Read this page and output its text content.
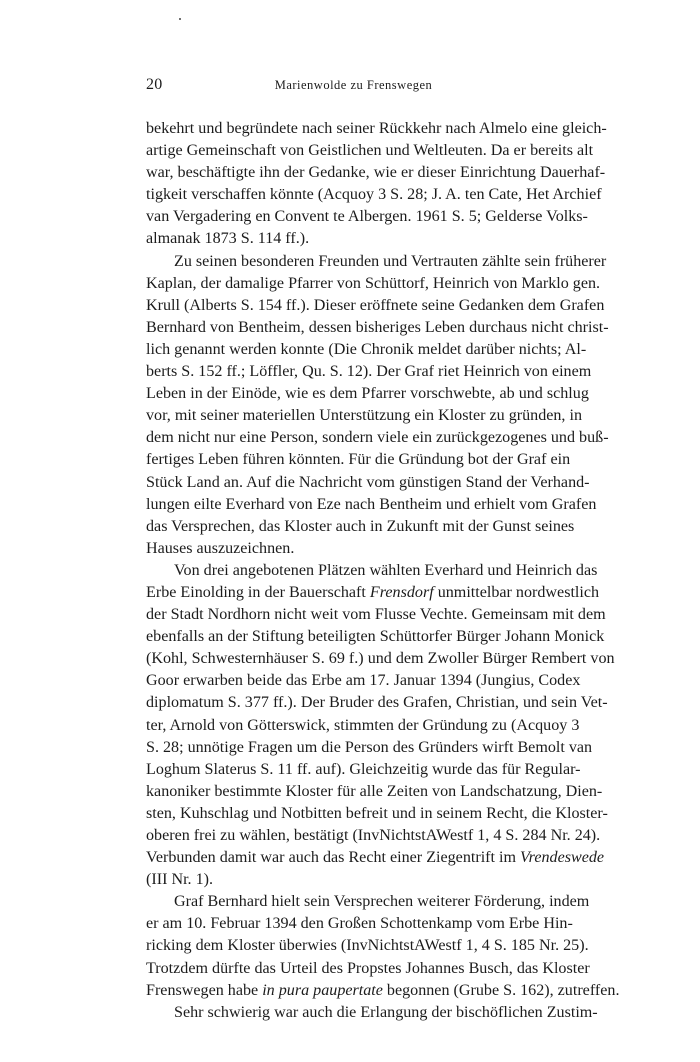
20	Marienwolde zu Frenswegen
bekehrt und begründete nach seiner Rückkehr nach Almelo eine gleich-
artige Gemeinschaft von Geistlichen und Weltleuten. Da er bereits alt
war, beschäftigte ihn der Gedanke, wie er dieser Einrichtung Dauerhaf-
tigkeit verschaffen könnte (Acquoy 3 S. 28; J. A. ten Cate, Het Archief
van Vergadering en Convent te Albergen. 1961 S. 5; Gelderse Volks-
almanak 1873 S. 114 ff.).
Zu seinen besonderen Freunden und Vertrauten zählte sein früherer
Kaplan, der damalige Pfarrer von Schüttorf, Heinrich von Marklo gen.
Krull (Alberts S. 154 ff.). Dieser eröffnete seine Gedanken dem Grafen
Bernhard von Bentheim, dessen bisheriges Leben durchaus nicht christ-
lich genannt werden konnte (Die Chronik meldet darüber nichts; Al-
berts S. 152 ff.; Löffler, Qu. S. 12). Der Graf riet Heinrich von einem
Leben in der Einöde, wie es dem Pfarrer vorschwebte, ab und schlug
vor, mit seiner materiellen Unterstützung ein Kloster zu gründen, in
dem nicht nur eine Person, sondern viele ein zurückgezogenes und buß-
fertiges Leben führen könnten. Für die Gründung bot der Graf ein
Stück Land an. Auf die Nachricht vom günstigen Stand der Verhand-
lungen eilte Everhard von Eze nach Bentheim und erhielt vom Grafen
das Versprechen, das Kloster auch in Zukunft mit der Gunst seines
Hauses auszuzeichnen.
Von drei angebotenen Plätzen wählten Everhard und Heinrich das
Erbe Einolding in der Bauerschaft Frensdorf unmittelbar nordwestlich
der Stadt Nordhorn nicht weit vom Flusse Vechte. Gemeinsam mit dem
ebenfalls an der Stiftung beteiligten Schüttorfer Bürger Johann Monick
(Kohl, Schwesternhäuser S. 69 f.) und dem Zwoller Bürger Rembert von
Goor erwarben beide das Erbe am 17. Januar 1394 (Jungius, Codex
diplomatum S. 377 ff.). Der Bruder des Grafen, Christian, und sein Vet-
ter, Arnold von Götterswick, stimmten der Gründung zu (Acquoy 3
S. 28; unnötige Fragen um die Person des Gründers wirft Bemolt van
Loghum Slaterus S. 11 ff. auf). Gleichzeitig wurde das für Regular-
kanoniker bestimmte Kloster für alle Zeiten von Landschatzung, Dien-
sten, Kuhschlag und Notbitten befreit und in seinem Recht, die Kloster-
oberen frei zu wählen, bestätigt (InvNichtstAWestf 1, 4 S. 284 Nr. 24).
Verbunden damit war auch das Recht einer Ziegentrift im Vrendeswede
(III Nr. 1).
Graf Bernhard hielt sein Versprechen weiterer Förderung, indem
er am 10. Februar 1394 den Großen Schottenkamp vom Erbe Hin-
ricking dem Kloster überwies (InvNichtstAWestf 1, 4 S. 185 Nr. 25).
Trotzdem dürfte das Urteil des Propstes Johannes Busch, das Kloster
Frenswegen habe in pura paupertate begonnen (Grube S. 162), zutreffen.
Sehr schwierig war auch die Erlangung der bischöflichen Zustim-
